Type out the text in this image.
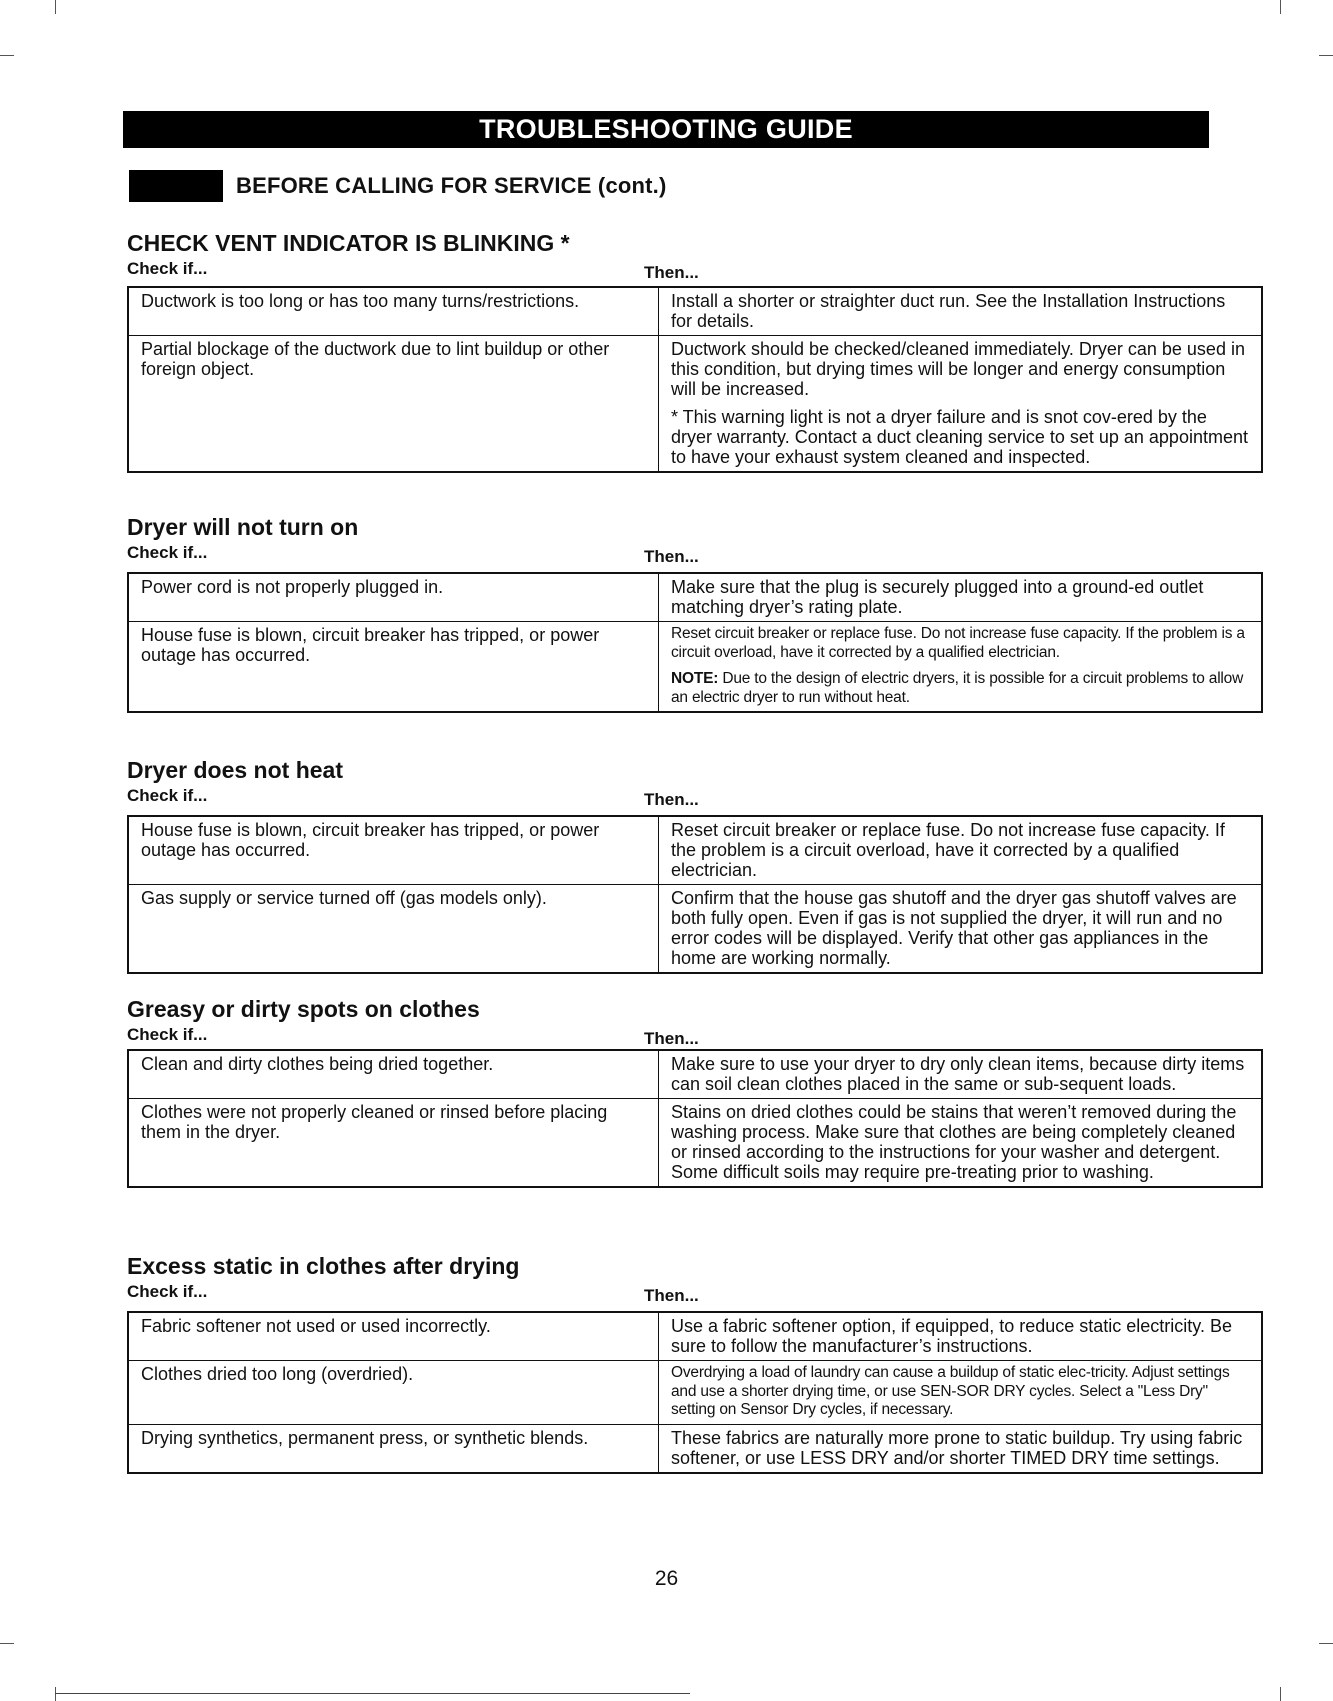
TROUBLESHOOTING GUIDE
BEFORE CALLING FOR SERVICE (cont.)
CHECK VENT INDICATOR IS BLINKING *
Check if...	Then...
Ductwork is too long or has too many turns/restrictions.	Install a shorter or straighter duct run. See the Installation Instructions for details.

Partial blockage of the ductwork due to lint buildup or other foreign object.	Ductwork should be checked/cleaned immediately. Dryer can be used in this condition, but drying times will be longer and energy consumption will be increased.
* This warning light is not a dryer failure and is snot cov-ered by the dryer warranty. Contact a duct cleaning service to set up an appointment to have your exhaust system cleaned and inspected.
Dryer will not turn on
Check if...	Then...
Power cord is not properly plugged in.	Make sure that the plug is securely plugged into a ground-ed outlet matching dryer’s rating plate.

House fuse is blown, circuit breaker has tripped, or power outage has occurred.	Reset circuit breaker or replace fuse. Do not increase fuse capacity. If the problem is a circuit overload, have it corrected by a qualified electrician.
NOTE: Due to the design of electric dryers, it is possible for a circuit problems to allow an electric dryer to run without heat.
Dryer does not heat
Check if...	Then...
House fuse is blown, circuit breaker has tripped, or power outage has occurred.	Reset circuit breaker or replace fuse. Do not increase fuse capacity. If the problem is a circuit overload, have it corrected by a qualified electrician.

Gas supply or service turned off (gas models only).	Confirm that the house gas shutoff and the dryer gas shutoff valves are both fully open. Even if gas is not supplied the dryer, it will run and no error codes will be displayed. Verify that other gas appliances in the home are working normally.
Greasy or dirty spots on clothes
Check if...	Then...
Clean and dirty clothes being dried together.	Make sure to use your dryer to dry only clean items, because dirty items can soil clean clothes placed in the same or sub-sequent loads.

Clothes were not properly cleaned or rinsed before placing them in the dryer.	Stains on dried clothes could be stains that weren’t removed during the washing process. Make sure that clothes are being completely cleaned or rinsed according to the instructions for your washer and detergent. Some difficult soils may require pre-treating prior to washing.
Excess static in clothes after drying
Check if...	Then...
Fabric softener not used or used incorrectly.	Use a fabric softener option, if equipped, to reduce static electricity. Be sure to follow the manufacturer’s instructions.

Clothes dried too long (overdried).	Overdrying a load of laundry can cause a buildup of static elec-tricity. Adjust settings and use a shorter drying time, or use SEN-SOR DRY cycles. Select a "Less Dry" setting on Sensor Dry cycles, if necessary.

Drying synthetics, permanent press, or synthetic blends.	These fabrics are naturally more prone to static buildup. Try using fabric softener, or use LESS DRY and/or shorter TIMED DRY time settings.
26
